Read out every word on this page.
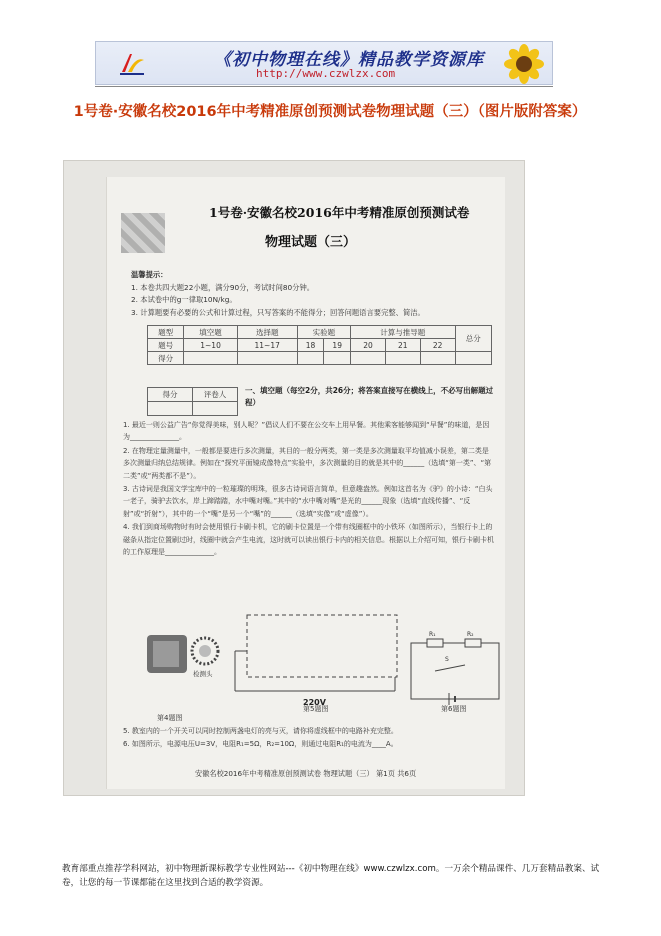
《初中物理在线》精品教学资源库
http://www.czwlzx.com
1号卷·安徽名校2016年中考精准原创预测试卷物理试题（三）（图片版附答案）
1号卷·安徽名校2016年中考精准原创预测试卷
物理试题（三）
温馨提示：
1. 本卷共四大题22小题，满分90分，考试时间80分钟。
2. 本试卷中的g一律取10N/kg。
3. 计算题要有必要的公式和计算过程，只写答案的不能得分；回答问题语言要完整、简洁。
题型	填空题	选择题	实验题		计算与推导题			总分
题号	1~10	11~17	18	19	20	21	22	
得分								
得分	评卷人
		一、填空题（每空2分，共26分；将答案直接写在横线上，不必写出解题过程）
1. 最近一则公益广告“你觉得美味，别人呢？”倡议人们不要在公交车上用早餐。其他乘客能够闻到“早餐”的味道，是因为______________。
2. 在物理定量测量中，一般都是要进行多次测量，其目的一般分两类，第一类是多次测量取平均值减小误差，第二类是多次测量归纳总结规律。例如在“探究平面镜成像特点”实验中，多次测量的目的就是其中的______（选填“第一类”、“第二类”或“两类都不是”）。
3. 古诗词是我国文学宝库中的一粒璀璨的明珠，很多古诗词语言简单，但意趣盎然。例如这首名为《驴》的小诗：“白头一老子，骑驴去饮水，岸上蹄踏踏，水中嘴对嘴。”其中的“水中嘴对嘴”是光的______现象（选填“直线传播”、“反射”或“折射”），其中的一个“嘴”是另一个“嘴”的______（选填“实像”或“虚像”）。
4. 我们到商场购物时有时会使用银行卡刷卡机，它的刷卡位置是一个带有线圈框中的小铁环（如图所示），当银行卡上的磁条从指定位置刷过时，线圈中就会产生电流，这时就可以读出银行卡内的相关信息。根据以上介绍可知，银行卡刷卡机的工作原理是______________。
检测头
220V
R₁	R₂
S
第4题图
第5题图	第6题图
5. 教室内的一个开关可以同时控制两盏电灯的亮与灭，请你将虚线框中的电路补充完整。
6. 如图所示，电源电压U=3V，电阻R₁=5Ω，R₂=10Ω，则通过电阻R₁的电流为____A。
安徽名校2016年中考精准原创预测试卷 物理试题（三） 第1页 共6页
教育部重点推荐学科网站，初中物理新课标教学专业性网站---《初中物理在线》www.czwlzx.com。一万余个精品课件、几万套精品教案、试卷，让您的每一节课都能在这里找到合适的教学资源。
